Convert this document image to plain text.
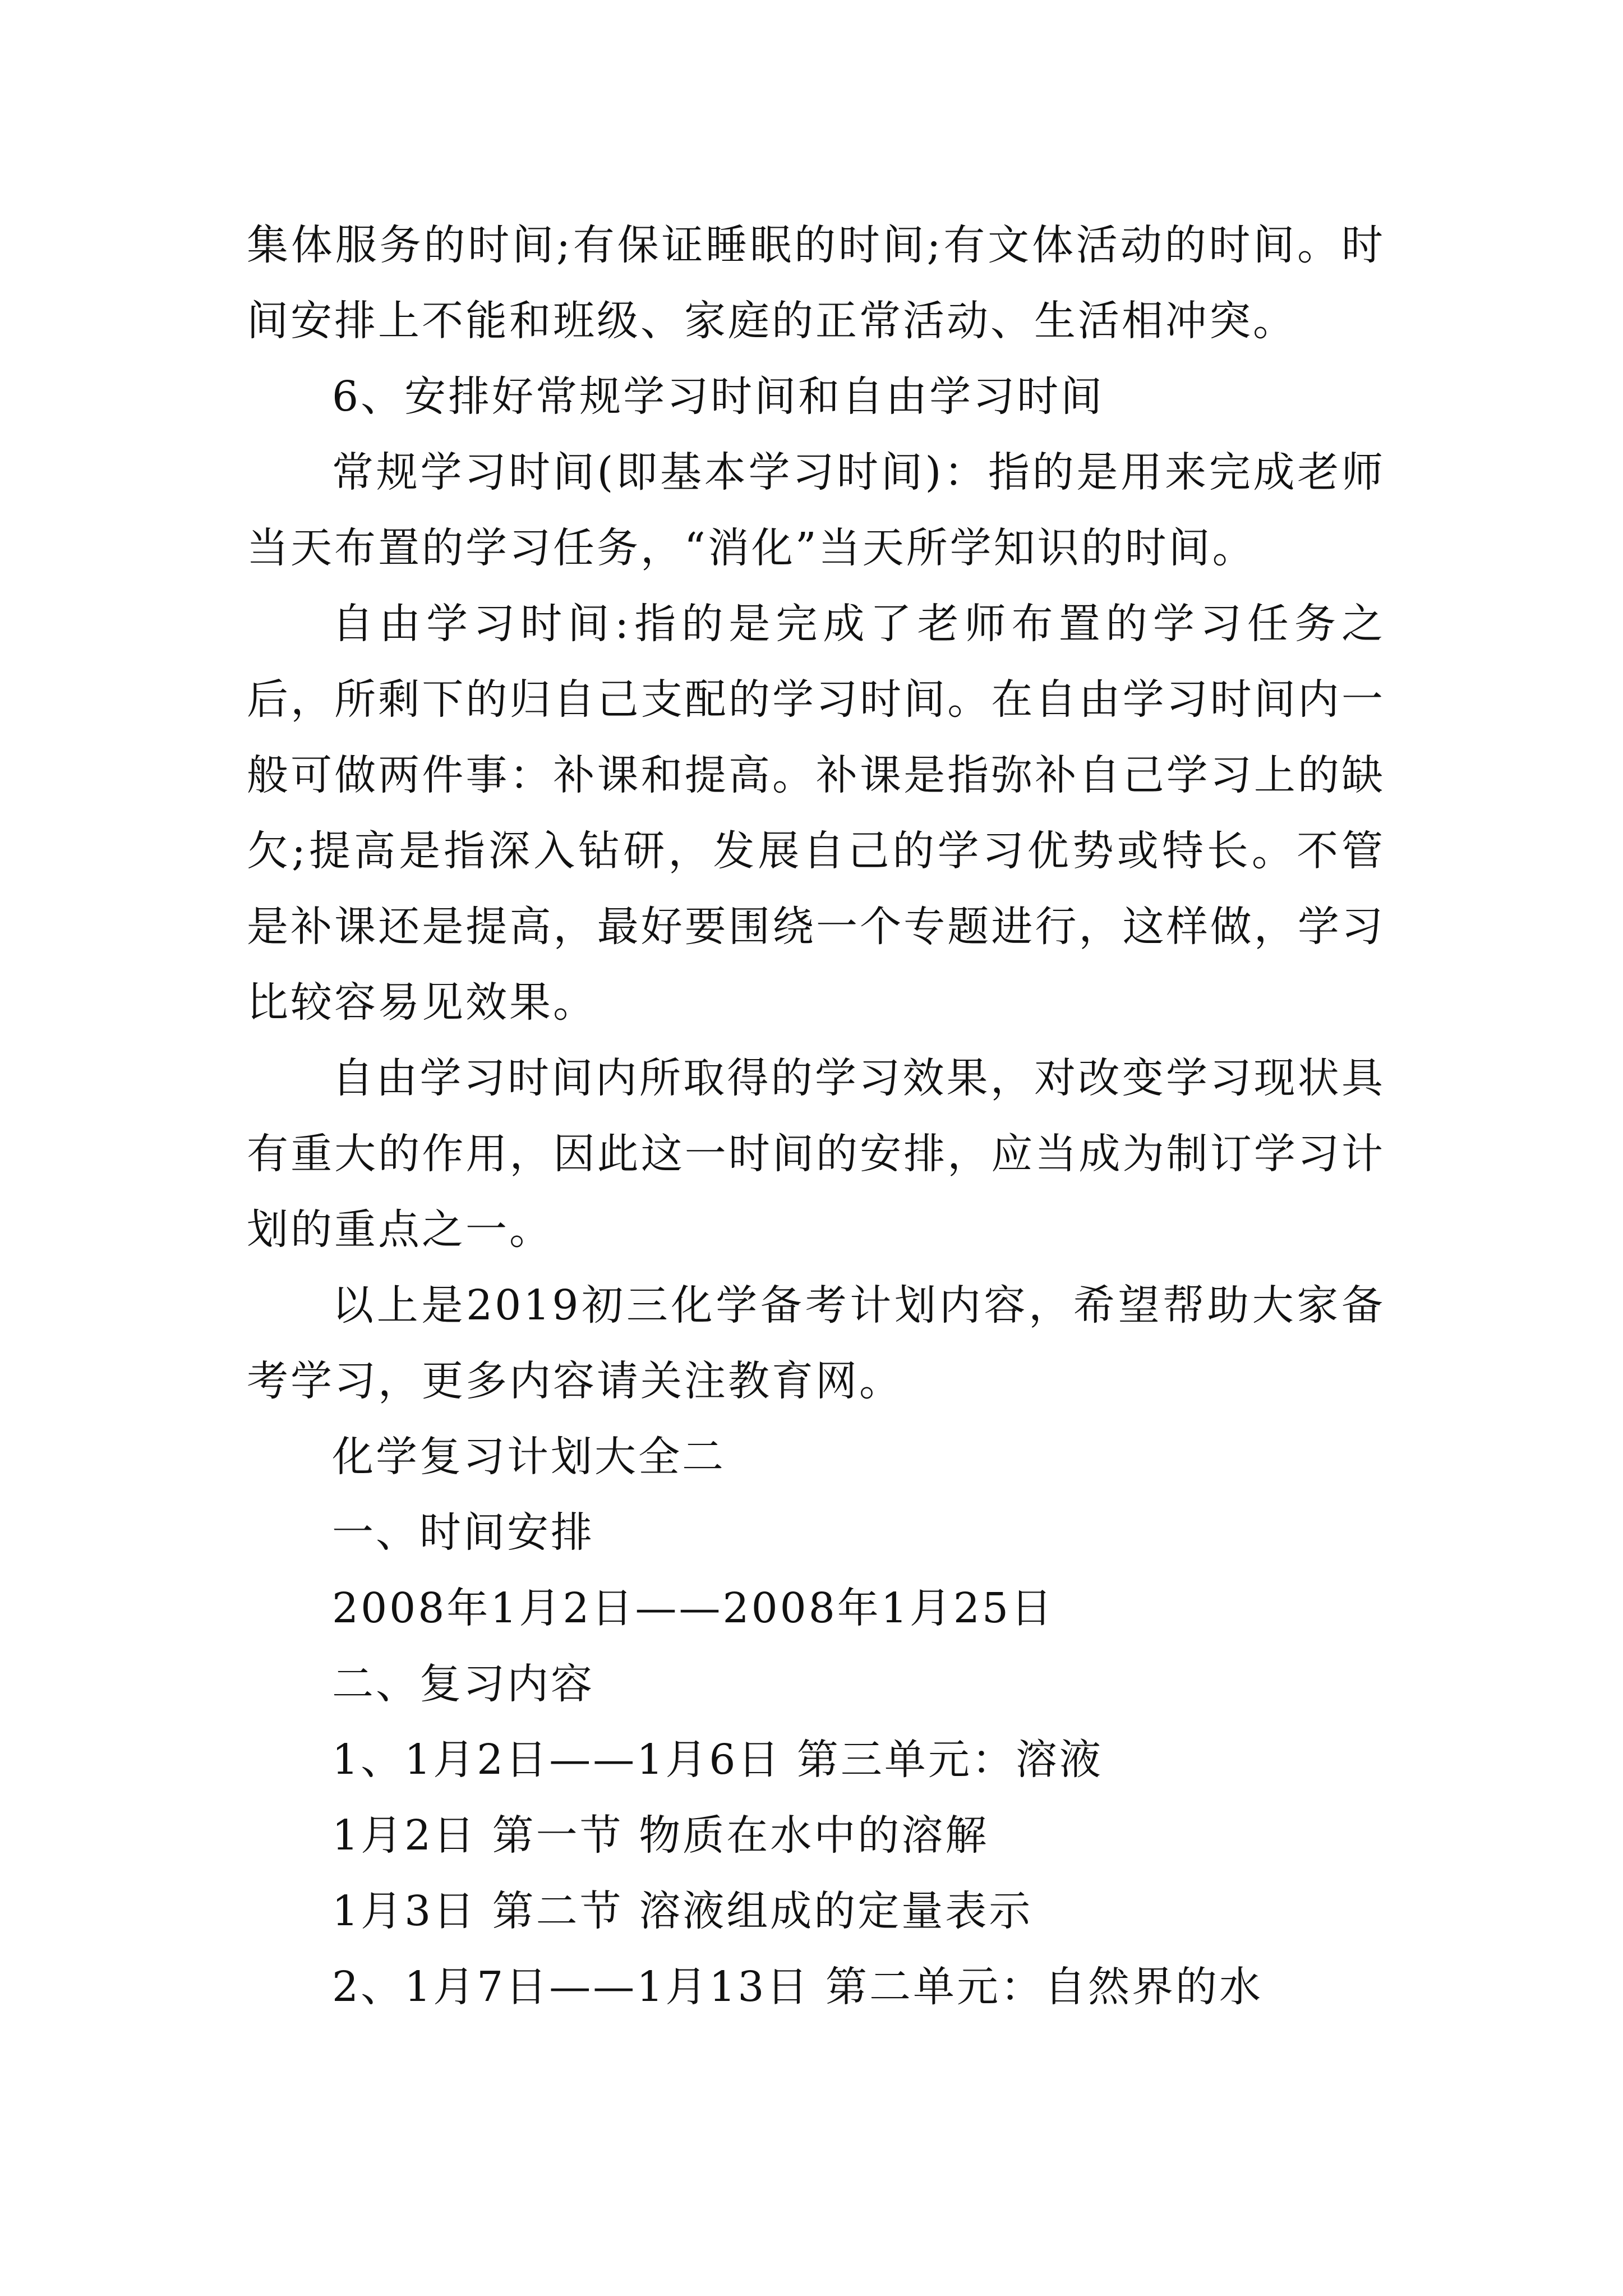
集体服务的时间;有保证睡眠的时间;有文体活动的时间。时间安排上不能和班级、家庭的正常活动、生活相冲突。

6、安排好常规学习时间和自由学习时间

常规学习时间(即基本学习时间)：指的是用来完成老师当天布置的学习任务，“消化”当天所学知识的时间。

自由学习时间:指的是完成了老师布置的学习任务之后，所剩下的归自己支配的学习时间。在自由学习时间内一般可做两件事：补课和提高。补课是指弥补自己学习上的缺欠;提高是指深入钻研，发展自己的学习优势或特长。不管是补课还是提高，最好要围绕一个专题进行，这样做，学习比较容易见效果。

自由学习时间内所取得的学习效果，对改变学习现状具有重大的作用，因此这一时间的安排，应当成为制订学习计划的重点之一。

以上是2019初三化学备考计划内容，希望帮助大家备考学习，更多内容请关注教育网。

化学复习计划大全二
一、时间安排
2008年1月2日——2008年1月25日
二、复习内容
1、1月2日——1月6日 第三单元：溶液
1月2日 第一节 物质在水中的溶解
1月3日 第二节 溶液组成的定量表示
2、1月7日——1月13日 第二单元：自然界的水
